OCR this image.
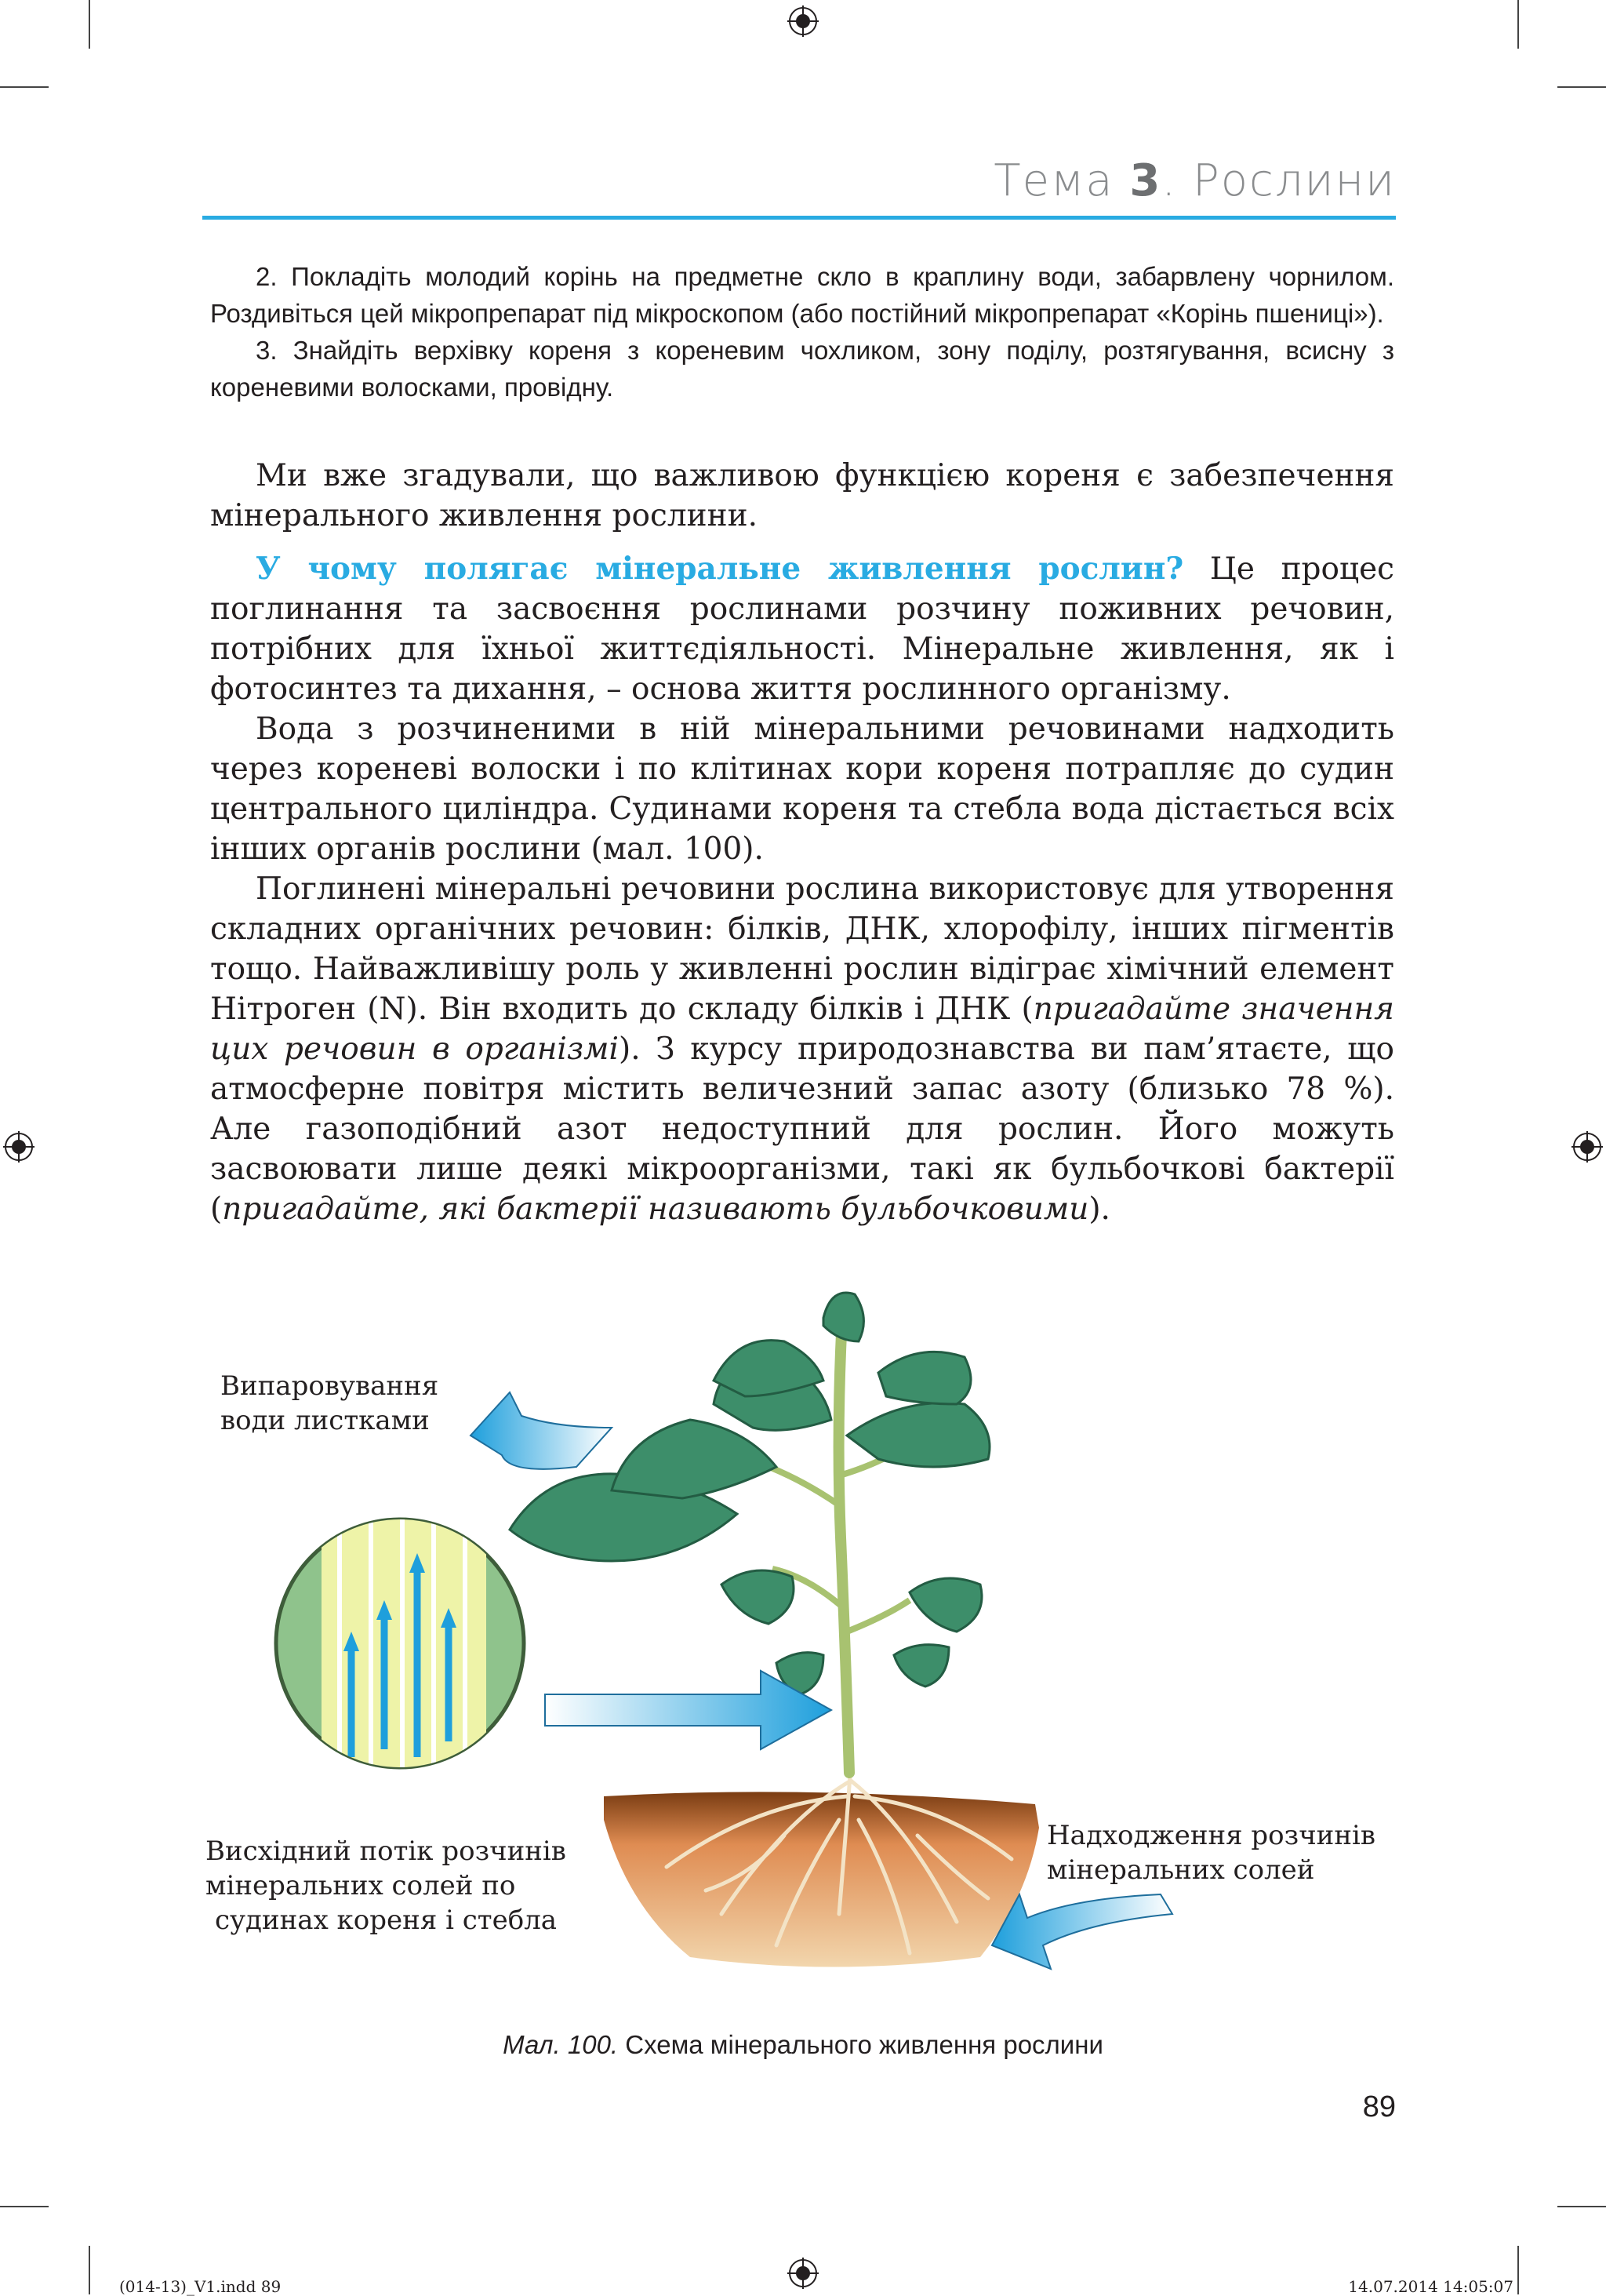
Тема 3. Рослини

2. Покладіть молодий корінь на предметне скло в краплину води, забарвлену чорнилом. Роздивіться цей мікропрепарат під мікроскопом (або постійний мікропрепарат «Корінь пшениці»).

3. Знайдіть верхівку кореня з кореневим чохликом, зону поділу, розтягування, всисну з кореневими волосками, провідну.

Ми вже згадували, що важливою функцією кореня є забезпечення мінерального живлення рослини.

У чому полягає мінеральне живлення рослин? Це процес поглинання та засвоєння рослинами розчину поживних речовин, потрібних для їхньої життєдіяльності. Мінеральне живлення, як і фотосинтез та дихання, – основа життя рослинного організму.

Вода з розчиненими в ній мінеральними речовинами надходить через кореневі волоски і по клітинах кори кореня потрапляє до судин центрального циліндра. Судинами кореня та стебла вода дістається всіх інших органів рослини (мал. 100).

Поглинені мінеральні речовини рослина використовує для утворення складних органічних речовин: білків, ДНК, хлорофілу, інших пігментів тощо. Найважливішу роль у живленні рослин відіграє хімічний елемент Нітроген (N). Він входить до складу білків і ДНК (пригадайте значення цих речовин в організмі). З курсу природознавства ви пам’ятаєте, що атмосферне повітря містить величезний запас азоту (близько 78 %). Але газоподібний азот недоступний для рослин. Його можуть засвоювати лише деякі мікроорганізми, такі як бульбочкові бактерії (пригадайте, які бактерії називають бульбочковими).

Випаровування
води листками
Висхідний потік розчинів
мінеральних солей по
судинах кореня і стебла
Надходження розчинів
мінеральних солей
Мал. 100. Схема мінерального живлення рослини
89
(014-13)_V1.indd 89	14.07.2014 14:05:07
